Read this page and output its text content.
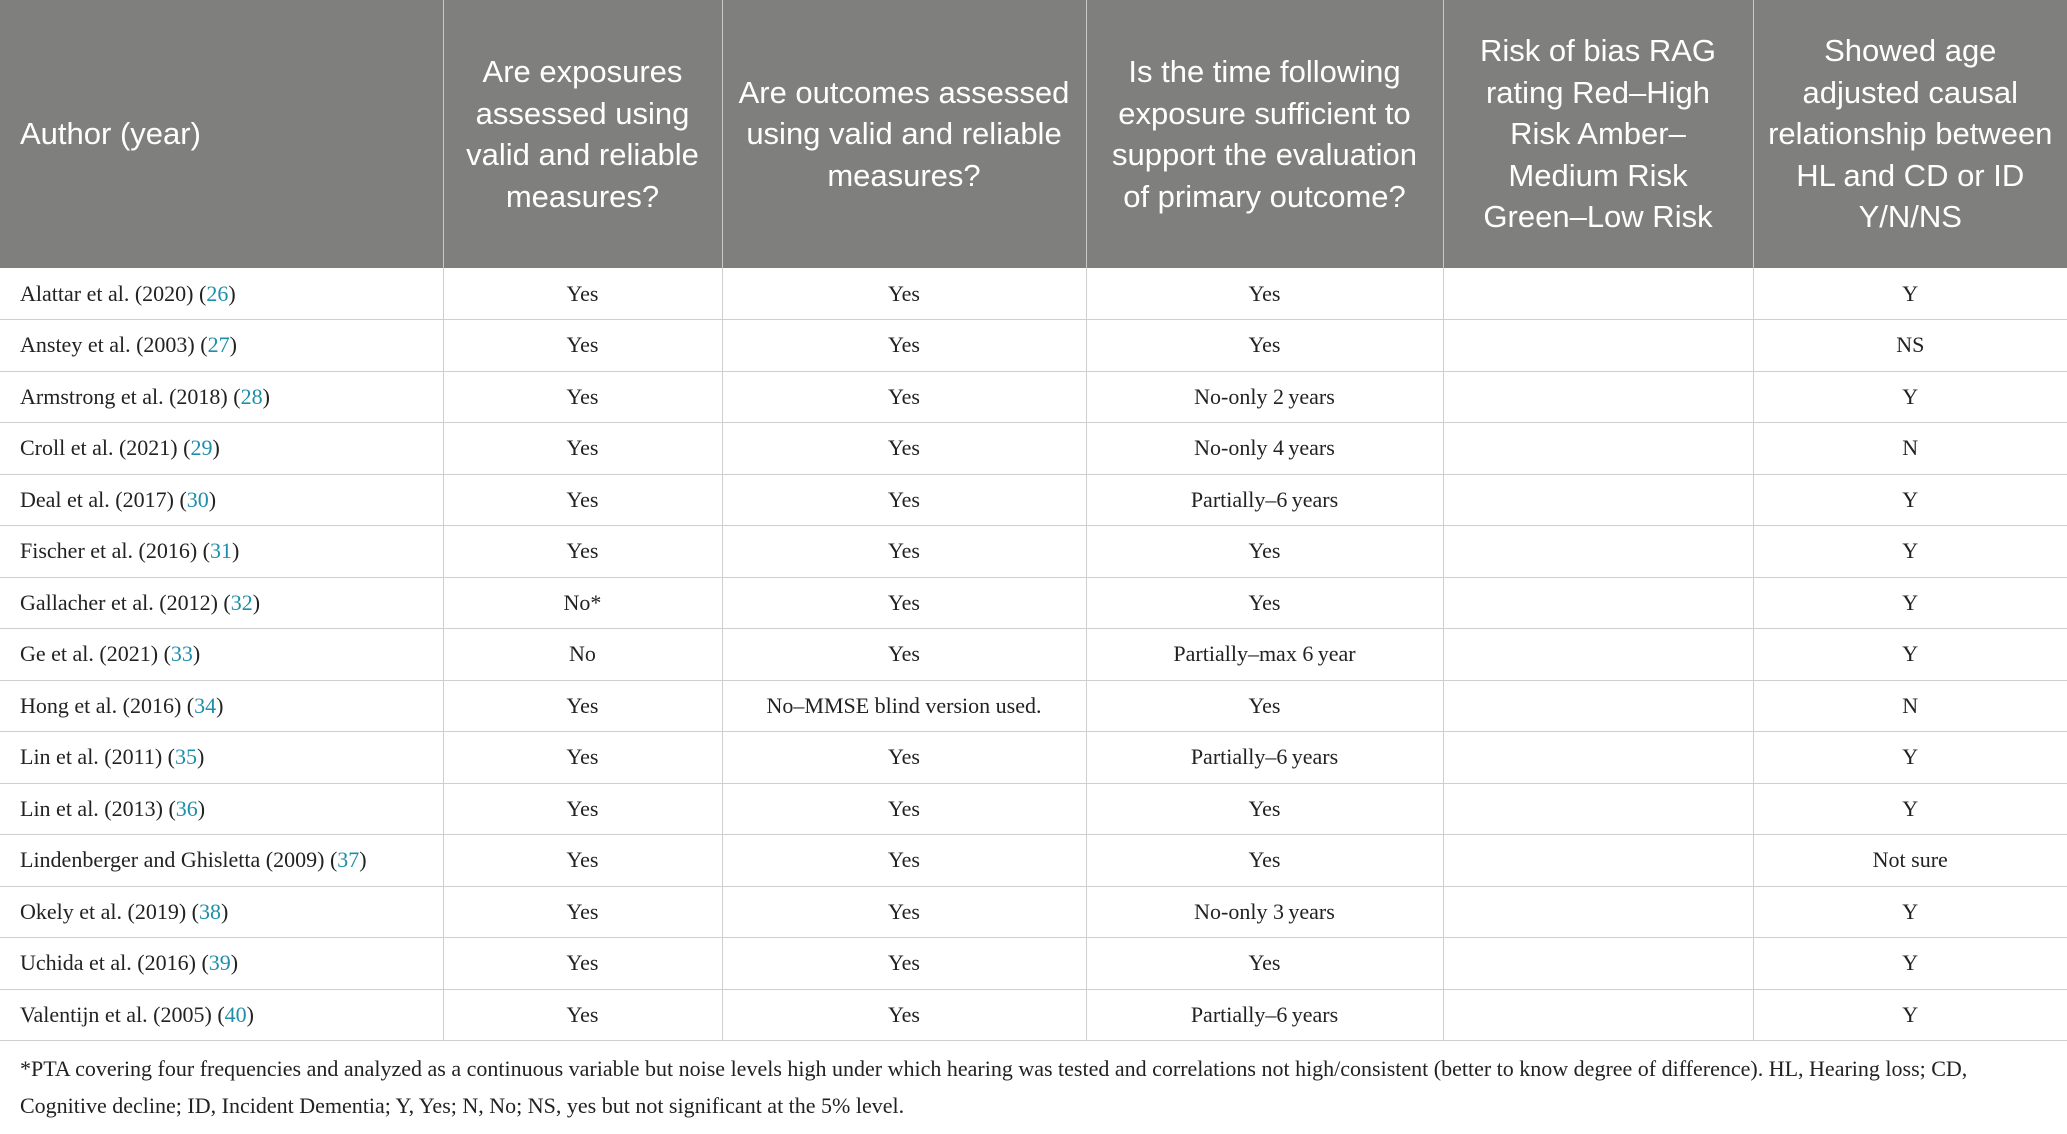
Author (year)	Are exposures assessed using valid and reliable measures?	Are outcomes assessed using valid and reliable measures?	Is the time following exposure sufficient to support the evaluation of primary outcome?	Risk of bias RAG rating Red–High Risk Amber–Medium Risk Green–Low Risk	Showed age adjusted causal relationship between HL and CD or ID Y/N/NS
Alattar et al. (2020) (26)	Yes	Yes	Yes		Y
Anstey et al. (2003) (27)	Yes	Yes	Yes		NS
Armstrong et al. (2018) (28)	Yes	Yes	No-only 2 years		Y
Croll et al. (2021) (29)	Yes	Yes	No-only 4 years		N
Deal et al. (2017) (30)	Yes	Yes	Partially–6 years		Y
Fischer et al. (2016) (31)	Yes	Yes	Yes		Y
Gallacher et al. (2012) (32)	No*	Yes	Yes		Y
Ge et al. (2021) (33)	No	Yes	Partially–max 6 year		Y
Hong et al. (2016) (34)	Yes	No–MMSE blind version used.	Yes		N
Lin et al. (2011) (35)	Yes	Yes	Partially–6 years		Y
Lin et al. (2013) (36)	Yes	Yes	Yes		Y
Lindenberger and Ghisletta (2009) (37)	Yes	Yes	Yes		Not sure
Okely et al. (2019) (38)	Yes	Yes	No-only 3 years		Y
Uchida et al. (2016) (39)	Yes	Yes	Yes		Y
Valentijn et al. (2005) (40)	Yes	Yes	Partially–6 years		Y
*PTA covering four frequencies and analyzed as a continuous variable but noise levels high under which hearing was tested and correlations not high/consistent (better to know degree of difference). HL, Hearing loss; CD, Cognitive decline; ID, Incident Dementia; Y, Yes; N, No; NS, yes but not significant at the 5% level.
